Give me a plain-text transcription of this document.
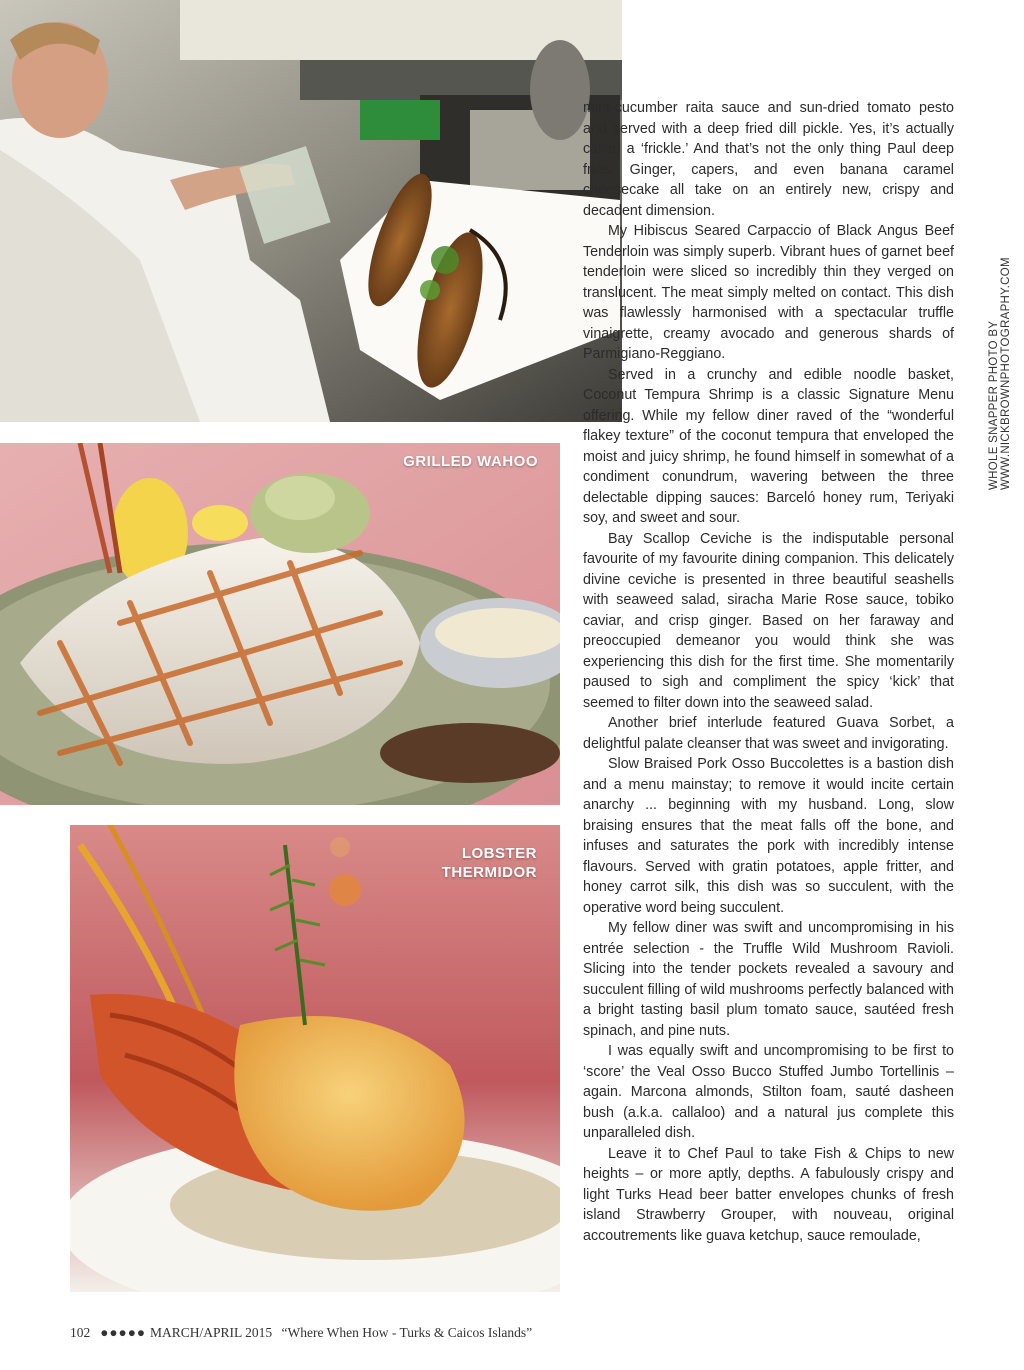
GRILLED WAHOO
LOBSTER
THERMIDOR

mint-cucumber raita sauce and sun-dried tomato pesto and served with a deep fried dill pickle. Yes, it’s actually called a ‘frickle.’ And that’s not the only thing Paul deep fries. Ginger, capers, and even banana caramel cheesecake all take on an entirely new, crispy and decadent dimension.

My Hibiscus Seared Carpaccio of Black Angus Beef Tenderloin was simply superb. Vibrant hues of garnet beef tenderloin were sliced so incredibly thin they verged on translucent. The meat simply melted on contact. This dish was flawlessly harmonised with a spectacular truffle vinaigrette, creamy avocado and generous shards of Parmigiano-Reggiano.

Served in a crunchy and edible noodle basket, Coconut Tempura Shrimp is a classic Signature Menu offering. While my fellow diner raved of the “wonderful flakey texture” of the coconut tempura that enveloped the moist and juicy shrimp, he found himself in somewhat of a condiment conundrum, wavering between the three delectable dipping sauces: Barceló honey rum, Teriyaki soy, and sweet and sour.

Bay Scallop Ceviche is the indisputable personal favourite of my favourite dining companion. This delicately divine ceviche is presented in three beautiful seashells with seaweed salad, siracha Marie Rose sauce, tobiko caviar, and crisp ginger. Based on her faraway and preoccupied demeanor you would think she was experiencing this dish for the first time. She momentarily paused to sigh and compliment the spicy ‘kick’ that seemed to filter down into the seaweed salad.

Another brief interlude featured Guava Sorbet, a delightful palate cleanser that was sweet and invigorating.

Slow Braised Pork Osso Buccolettes is a bastion dish and a menu mainstay; to remove it would incite certain anarchy ... beginning with my husband. Long, slow braising ensures that the meat falls off the bone, and infuses and saturates the pork with incredibly intense flavours. Served with gratin potatoes, apple fritter, and honey carrot silk, this dish was so succulent, with the operative word being succulent.

My fellow diner was swift and uncompromising in his entrée selection - the Truffle Wild Mushroom Ravioli. Slicing into the tender pockets revealed a savoury and succulent filling of wild mushrooms perfectly balanced with a bright tasting basil plum tomato sauce, sautéed fresh spinach, and pine nuts.

I was equally swift and uncompromising to be first to ‘score’ the Veal Osso Bucco Stuffed Jumbo Tortellinis – again. Marcona almonds, Stilton foam, sauté dasheen bush (a.k.a. callaloo) and a natural jus complete this unparalleled dish.

Leave it to Chef Paul to take Fish & Chips to new heights – or more aptly, depths. A fabulously crispy and light Turks Head beer batter envelopes chunks of fresh island Strawberry Grouper, with nouveau, original accoutrements like guava ketchup, sauce remoulade,

WHOLE SNAPPER PHOTO BY WWW.NICKBROWNPHOTOGRAPHY.COM
102 ●●●●● MARCH/APRIL 2015 “Where When How - Turks & Caicos Islands”
